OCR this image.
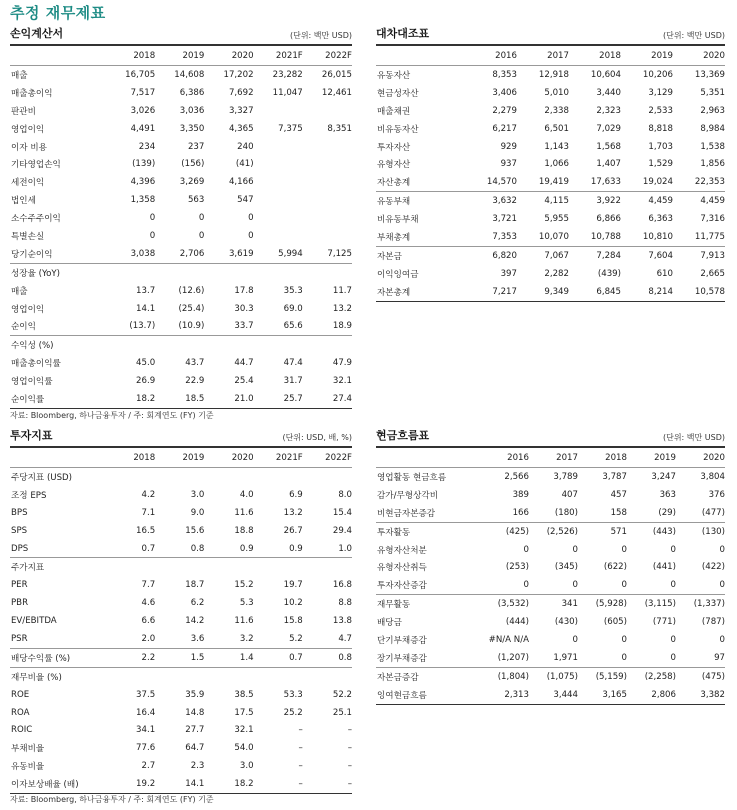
추정 재무제표
손익계산서	(단위: 백만 USD)
	2018	2019	2020	2021F	2022F
매출	16,705	14,608	17,202	23,282	26,015
매출총이익	7,517	6,386	7,692	11,047	12,461
판관비	3,026	3,036	3,327		
영업이익	4,491	3,350	4,365	7,375	8,351
이자 비용	234	237	240		
기타영업손익	(139)	(156)	(41)		
세전이익	4,396	3,269	4,166		
법인세	1,358	563	547		
소수주주이익	0	0	0		
특별손실	0	0	0		
당기순이익	3,038	2,706	3,619	5,994	7,125
성장율 (YoY)					
매출	13.7	(12.6)	17.8	35.3	11.7
영업이익	14.1	(25.4)	30.3	69.0	13.2
순이익	(13.7)	(10.9)	33.7	65.6	18.9
수익성 (%)					
매출총이익률	45.0	43.7	44.7	47.4	47.9
영업이익률	26.9	22.9	25.4	31.7	32.1
순이익률	18.2	18.5	21.0	25.7	27.4
대차대조표	(단위: 백만 USD)
	2016	2017	2018	2019	2020
유동자산	8,353	12,918	10,604	10,206	13,369
현금성자산	3,406	5,010	3,440	3,129	5,351
매출채권	2,279	2,338	2,323	2,533	2,963
비유동자산	6,217	6,501	7,029	8,818	8,984
투자자산	929	1,143	1,568	1,703	1,538
유형자산	937	1,066	1,407	1,529	1,856
자산총계	14,570	19,419	17,633	19,024	22,353
유동부채	3,632	4,115	3,922	4,459	4,459
비유동부채	3,721	5,955	6,866	6,363	7,316
부채총계	7,353	10,070	10,788	10,810	11,775
자본금	6,820	7,067	7,284	7,604	7,913
이익잉여금	397	2,282	(439)	610	2,665
자본총계	7,217	9,349	6,845	8,214	10,578
자료: Bloomberg, 하나금융투자 / 주: 회계연도 (FY) 기준
투자지표	(단위: USD, 배, %)
	2018	2019	2020	2021F	2022F
주당지표 (USD)					
조정 EPS	4.2	3.0	4.0	6.9	8.0
BPS	7.1	9.0	11.6	13.2	15.4
SPS	16.5	15.6	18.8	26.7	29.4
DPS	0.7	0.8	0.9	0.9	1.0
주가지표					
PER	7.7	18.7	15.2	19.7	16.8
PBR	4.6	6.2	5.3	10.2	8.8
EV/EBITDA	6.6	14.2	11.6	15.8	13.8
PSR	2.0	3.6	3.2	5.2	4.7
배당수익률 (%)	2.2	1.5	1.4	0.7	0.8
재무비율 (%)					
ROE	37.5	35.9	38.5	53.3	52.2
ROA	16.4	14.8	17.5	25.2	25.1
ROIC	34.1	27.7	32.1	–	–
부채비율	77.6	64.7	54.0	–	–
유동비율	2.7	2.3	3.0	–	–
이자보상배율 (배)	19.2	14.1	18.2	–	–
현금흐름표	(단위: 백만 USD)
	2016	2017	2018	2019	2020
영업활동 현금흐름	2,566	3,789	3,787	3,247	3,804
감가/무형상각비	389	407	457	363	376
비현금자본증감	166	(180)	158	(29)	(477)
투자활동	(425)	(2,526)	571	(443)	(130)
유형자산처분	0	0	0	0	0
유형자산취득	(253)	(345)	(622)	(441)	(422)
투자자산증감	0	0	0	0	0
재무활동	(3,532)	341	(5,928)	(3,115)	(1,337)
배당금	(444)	(430)	(605)	(771)	(787)
단기부채증감	#N/A N/A	0	0	0	0
장기부채증감	(1,207)	1,971	0	0	97
자본금증감	(1,804)	(1,075)	(5,159)	(2,258)	(475)
잉여현금흐름	2,313	3,444	3,165	2,806	3,382
자료: Bloomberg, 하나금융투자 / 주: 회계연도 (FY) 기준
